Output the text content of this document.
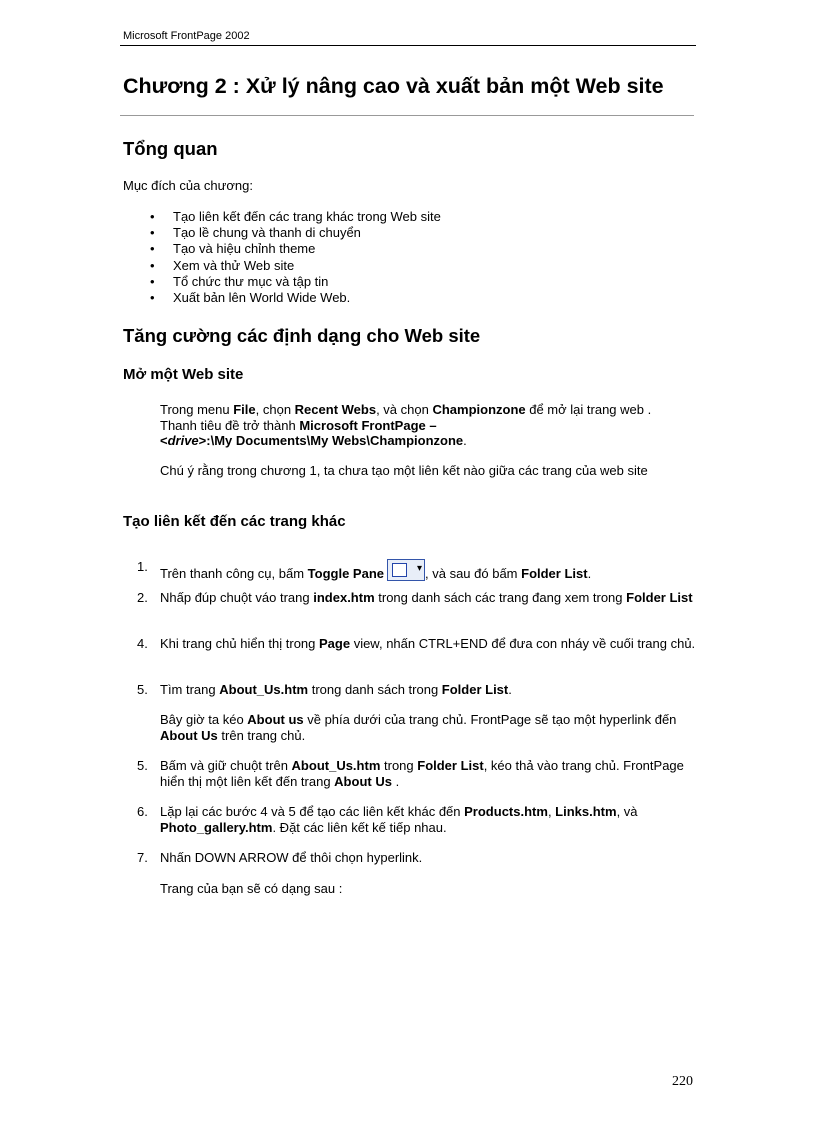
Microsoft FrontPage 2002
Chương 2 : Xử lý nâng cao và xuất bản một Web site
Tổng quan
Mục đích của chương:
• Tạo liên kết đến các trang khác trong Web site
• Tạo lề chung và thanh di chuyển
• Tạo và hiệu chỉnh theme
• Xem và thử Web site
• Tổ chức thư mục và tập tin
• Xuất bản lên World Wide Web.
Tăng cường các định dạng cho Web site
Mở một Web site
Trong menu File, chọn Recent Webs, và chọn Championzone để mở lại trang web .
Thanh tiêu đề trở thành Microsoft FrontPage –
<drive>:\My Documents\My Webs\Championzone.
Chú ý rằng trong chương 1, ta chưa tạo một liên kết nào giữa các trang của web site
Tạo liên kết đến các trang khác
1. Trên thanh công cụ, bấm Toggle Pane ▾	, và sau đó bấm Folder List.
2. Nhấp đúp chuột váo trang index.htm trong danh sách các trang đang xem trong Folder List
4. Khi trang chủ hiển thị trong Page view, nhấn CTRL+END để đưa con nháy về cuối trang chủ.
5. Tìm trang About_Us.htm trong danh sách trong Folder List.
Bây giờ ta kéo About us về phía dưới của trang chủ. FrontPage sẽ tạo một hyperlink đến About Us trên trang chủ.
5. Bấm và giữ chuột trên About_Us.htm trong Folder List, kéo thả vào trang chủ. FrontPage hiển thị một liên kết đến trang About Us .
6. Lặp lại các bước 4 và 5 để tạo các liên kết khác đến Products.htm, Links.htm, và Photo_gallery.htm. Đặt các liên kết kế tiếp nhau.
7. Nhấn DOWN ARROW để thôi chọn hyperlink.
Trang của bạn sẽ có dạng sau :
220
